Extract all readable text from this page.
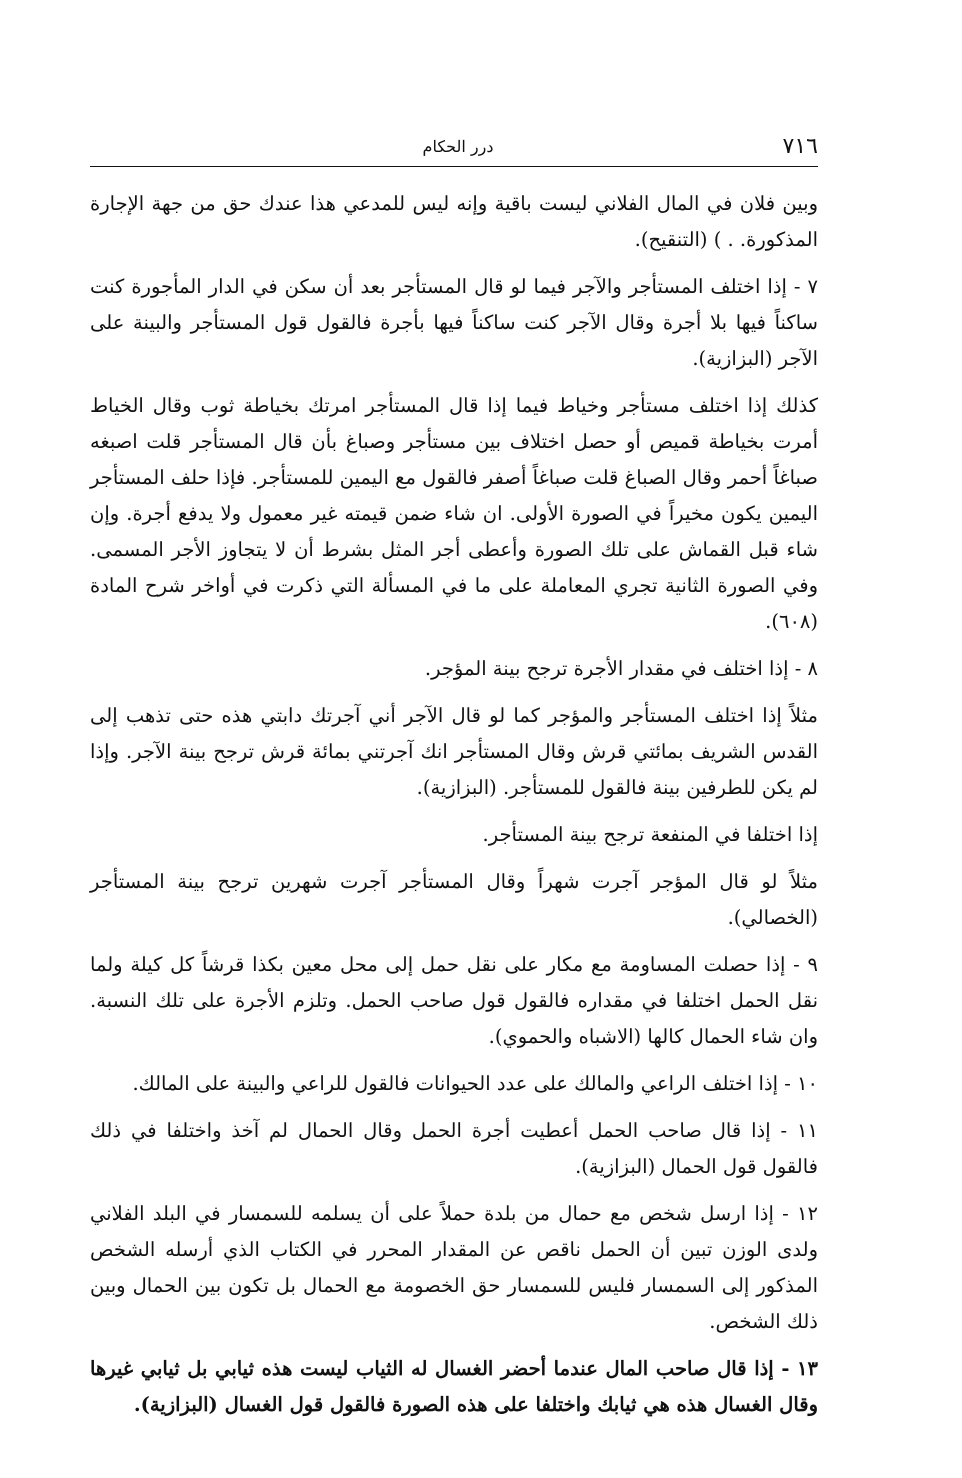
٧١٦
درر الحكام

وبين فلان في المال الفلاني ليست باقية وإنه ليس للمدعي هذا عندك حق من جهة الإجارة المذكورة. . ) (التنقيح).

٧ - إذا اختلف المستأجر والآجر فيما لو قال المستأجر بعد أن سكن في الدار المأجورة كنت ساكناً فيها بلا أجرة وقال الآجر كنت ساكناً فيها بأجرة فالقول قول المستأجر والبينة على الآجر (البزازية).

كذلك إذا اختلف مستأجر وخياط فيما إذا قال المستأجر امرتك بخياطة ثوب وقال الخياط أمرت بخياطة قميص أو حصل اختلاف بين مستأجر وصباغ بأن قال المستأجر قلت اصبغه صباغاً أحمر وقال الصباغ قلت صباغاً أصفر فالقول مع اليمين للمستأجر. فإذا حلف المستأجر اليمين يكون مخيراً في الصورة الأولى. ان شاء ضمن قيمته غير معمول ولا يدفع أجرة. وإن شاء قبل القماش على تلك الصورة وأعطى أجر المثل بشرط أن لا يتجاوز الأجر المسمى. وفي الصورة الثانية تجري المعاملة على ما في المسألة التي ذكرت في أواخر شرح المادة (٦٠٨).

٨ - إذا اختلف في مقدار الأجرة ترجح بينة المؤجر.

مثلاً إذا اختلف المستأجر والمؤجر كما لو قال الآجر أني آجرتك دابتي هذه حتى تذهب إلى القدس الشريف بمائتي قرش وقال المستأجر انك آجرتني بمائة قرش ترجح بينة الآجر. وإذا لم يكن للطرفين بينة فالقول للمستأجر. (البزازية).

إذا اختلفا في المنفعة ترجح بينة المستأجر.

مثلاً لو قال المؤجر آجرت شهراً وقال المستأجر آجرت شهرين ترجح بينة المستأجر (الخصالي).

٩ - إذا حصلت المساومة مع مكار على نقل حمل إلى محل معين بكذا قرشاً كل كيلة ولما نقل الحمل اختلفا في مقداره فالقول قول صاحب الحمل. وتلزم الأجرة على تلك النسبة. وان شاء الحمال كالها (الاشباه والحموي).

١٠ - إذا اختلف الراعي والمالك على عدد الحيوانات فالقول للراعي والبينة على المالك.

١١ - إذا قال صاحب الحمل أعطيت أجرة الحمل وقال الحمال لم آخذ واختلفا في ذلك فالقول قول الحمال (البزازية).

١٢ - إذا ارسل شخص مع حمال من بلدة حملاً على أن يسلمه للسمسار في البلد الفلاني ولدى الوزن تبين أن الحمل ناقص عن المقدار المحرر في الكتاب الذي أرسله الشخص المذكور إلى السمسار فليس للسمسار حق الخصومة مع الحمال بل تكون بين الحمال وبين ذلك الشخص.

١٣ - إذا قال صاحب المال عندما أحضر الغسال له الثياب ليست هذه ثيابي بل ثيابي غيرها وقال الغسال هذه هي ثيابك واختلفا على هذه الصورة فالقول قول الغسال (البزازية).
